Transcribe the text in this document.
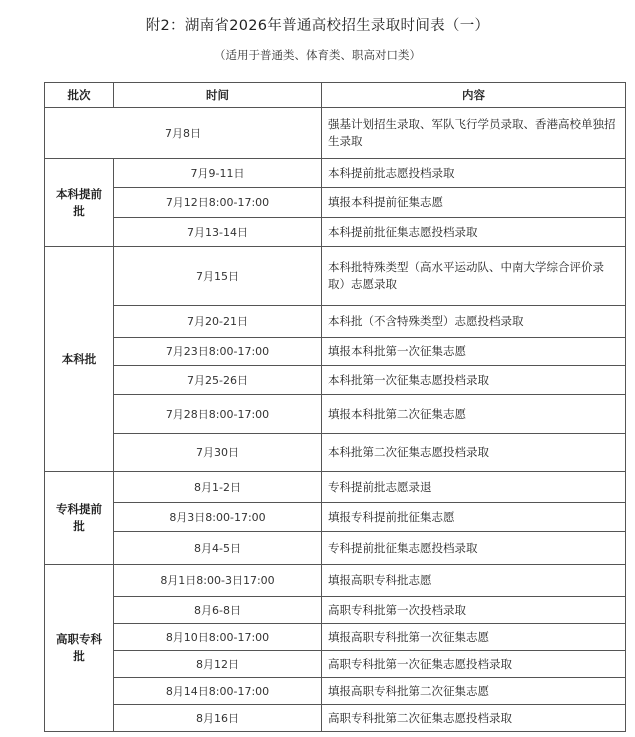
附2：湖南省2026年普通高校招生录取时间表（一）
（适用于普通类、体育类、职高对口类）
批次	时间	内容
7月8日		强基计划招生录取、军队飞行学员录取、香港高校单独招生录取
本科提前批	7月9-11日	本科提前批志愿投档录取
	7月12日8:00-17:00	填报本科提前征集志愿
	7月13-14日	本科提前批征集志愿投档录取
本科批	7月15日	本科批特殊类型（高水平运动队、中南大学综合评价录取）志愿录取
	7月20-21日	本科批（不含特殊类型）志愿投档录取
	7月23日8:00-17:00	填报本科批第一次征集志愿
	7月25-26日	本科批第一次征集志愿投档录取
	7月28日8:00-17:00	填报本科批第二次征集志愿
	7月30日	本科批第二次征集志愿投档录取
专科提前批	8月1-2日	专科提前批志愿录退
	8月3日8:00-17:00	填报专科提前批征集志愿
	8月4-5日	专科提前批征集志愿投档录取
高职专科批	8月1日8:00-3日17:00	填报高职专科批志愿
	8月6-8日	高职专科批第一次投档录取
	8月10日8:00-17:00	填报高职专科批第一次征集志愿
	8月12日	高职专科批第一次征集志愿投档录取
	8月14日8:00-17:00	填报高职专科批第二次征集志愿
	8月16日	高职专科批第二次征集志愿投档录取
